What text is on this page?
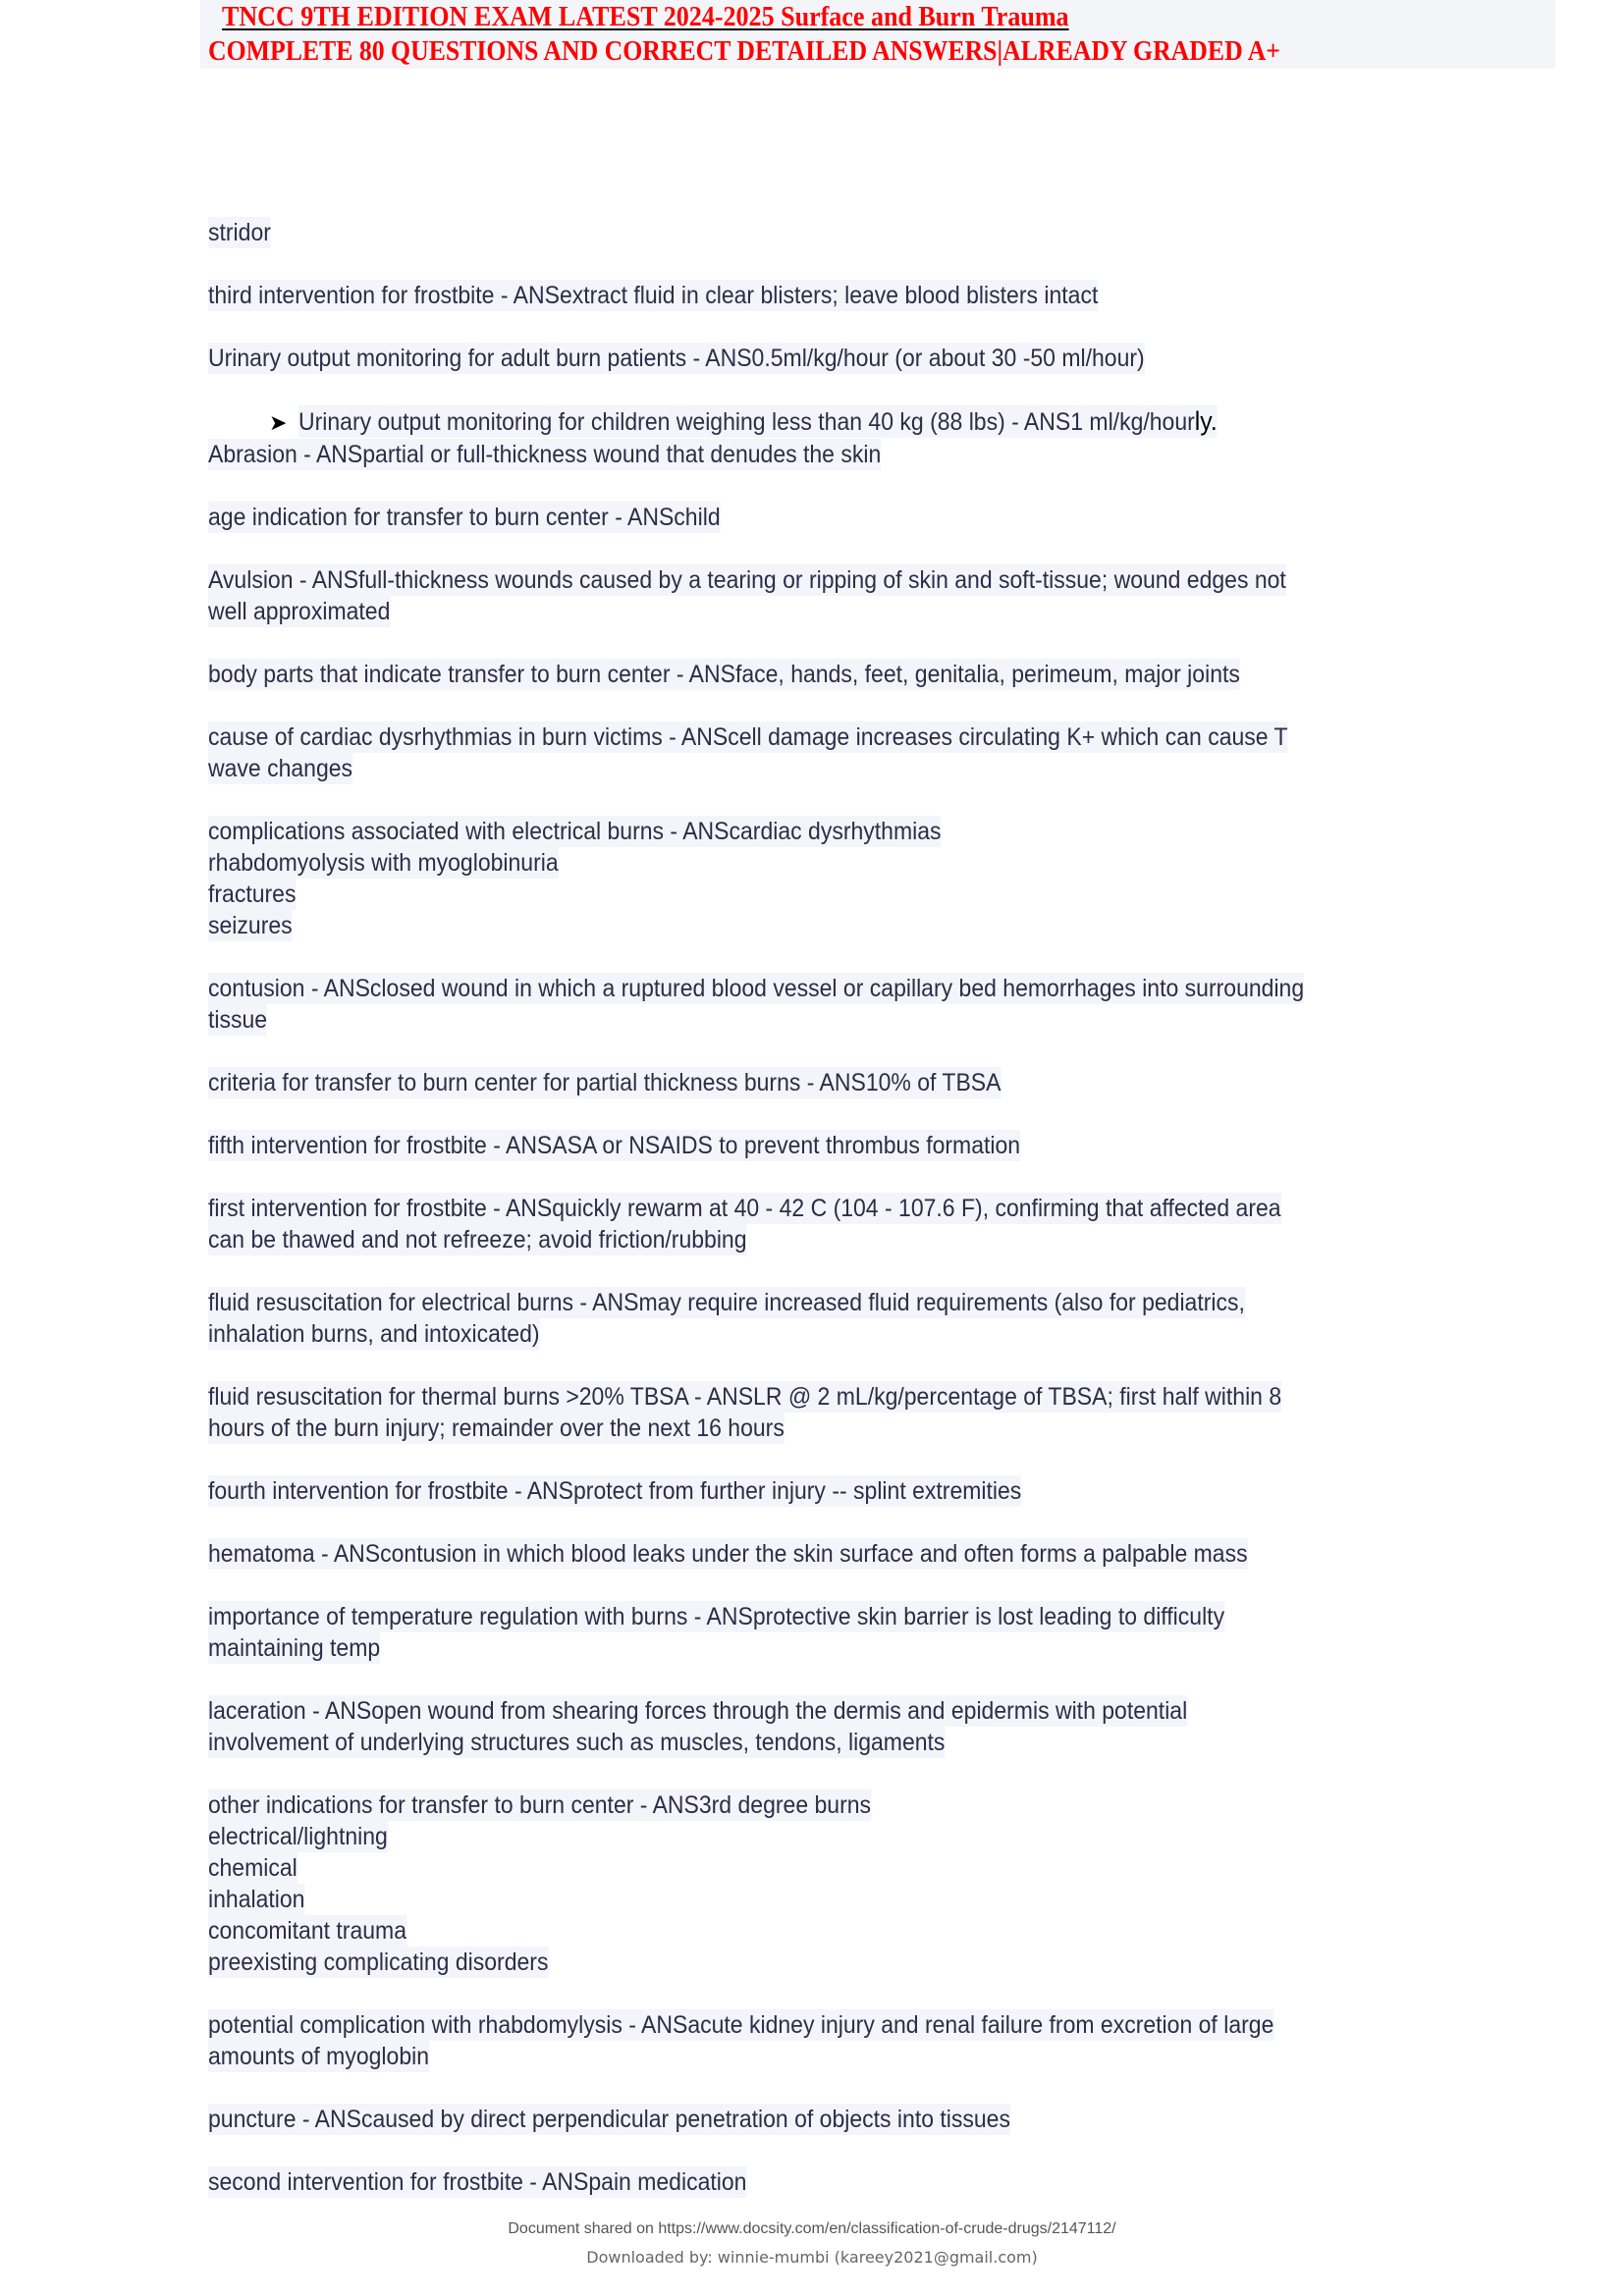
TNCC 9TH EDITION EXAM LATEST 2024-2025 Surface and Burn Trauma
COMPLETE 80 QUESTIONS AND CORRECT DETAILED ANSWERS|ALREADY GRADED A+
stridor
third intervention for frostbite - ANSextract fluid in clear blisters; leave blood blisters intact
Urinary output monitoring for adult burn patients - ANS0.5ml/kg/hour (or about 30 -50 ml/hour)
➤ Urinary output monitoring for children weighing less than 40 kg (88 lbs) - ANS1 ml/kg/hourly.
Abrasion - ANSpartial or full-thickness wound that denudes the skin
age indication for transfer to burn center - ANSchild
Avulsion - ANSfull-thickness wounds caused by a tearing or ripping of skin and soft-tissue; wound edges not
well approximated
body parts that indicate transfer to burn center - ANSface, hands, feet, genitalia, perimeum, major joints
cause of cardiac dysrhythmias in burn victims - ANScell damage increases circulating K+ which can cause T
wave changes
complications associated with electrical burns - ANScardiac dysrhythmias
rhabdomyolysis with myoglobinuria
fractures
seizures
contusion - ANSclosed wound in which a ruptured blood vessel or capillary bed hemorrhages into surrounding
tissue
criteria for transfer to burn center for partial thickness burns - ANS10% of TBSA
fifth intervention for frostbite - ANSASA or NSAIDS to prevent thrombus formation
first intervention for frostbite - ANSquickly rewarm at 40 - 42 C (104 - 107.6 F), confirming that affected area
can be thawed and not refreeze; avoid friction/rubbing
fluid resuscitation for electrical burns - ANSmay require increased fluid requirements (also for pediatrics,
inhalation burns, and intoxicated)
fluid resuscitation for thermal burns >20% TBSA - ANSLR @ 2 mL/kg/percentage of TBSA; first half within 8
hours of the burn injury; remainder over the next 16 hours
fourth intervention for frostbite - ANSprotect from further injury -- splint extremities
hematoma - ANScontusion in which blood leaks under the skin surface and often forms a palpable mass
importance of temperature regulation with burns - ANSprotective skin barrier is lost leading to difficulty
maintaining temp
laceration - ANSopen wound from shearing forces through the dermis and epidermis with potential
involvement of underlying structures such as muscles, tendons, ligaments
other indications for transfer to burn center - ANS3rd degree burns
electrical/lightning
chemical
inhalation
concomitant trauma
preexisting complicating disorders
potential complication with rhabdomylysis - ANSacute kidney injury and renal failure from excretion of large
amounts of myoglobin
puncture - ANScaused by direct perpendicular penetration of objects into tissues
second intervention for frostbite - ANSpain medication
Document shared on https://www.docsity.com/en/classification-of-crude-drugs/2147112/
Downloaded by: winnie-mumbi (kareey2021@gmail.com)
